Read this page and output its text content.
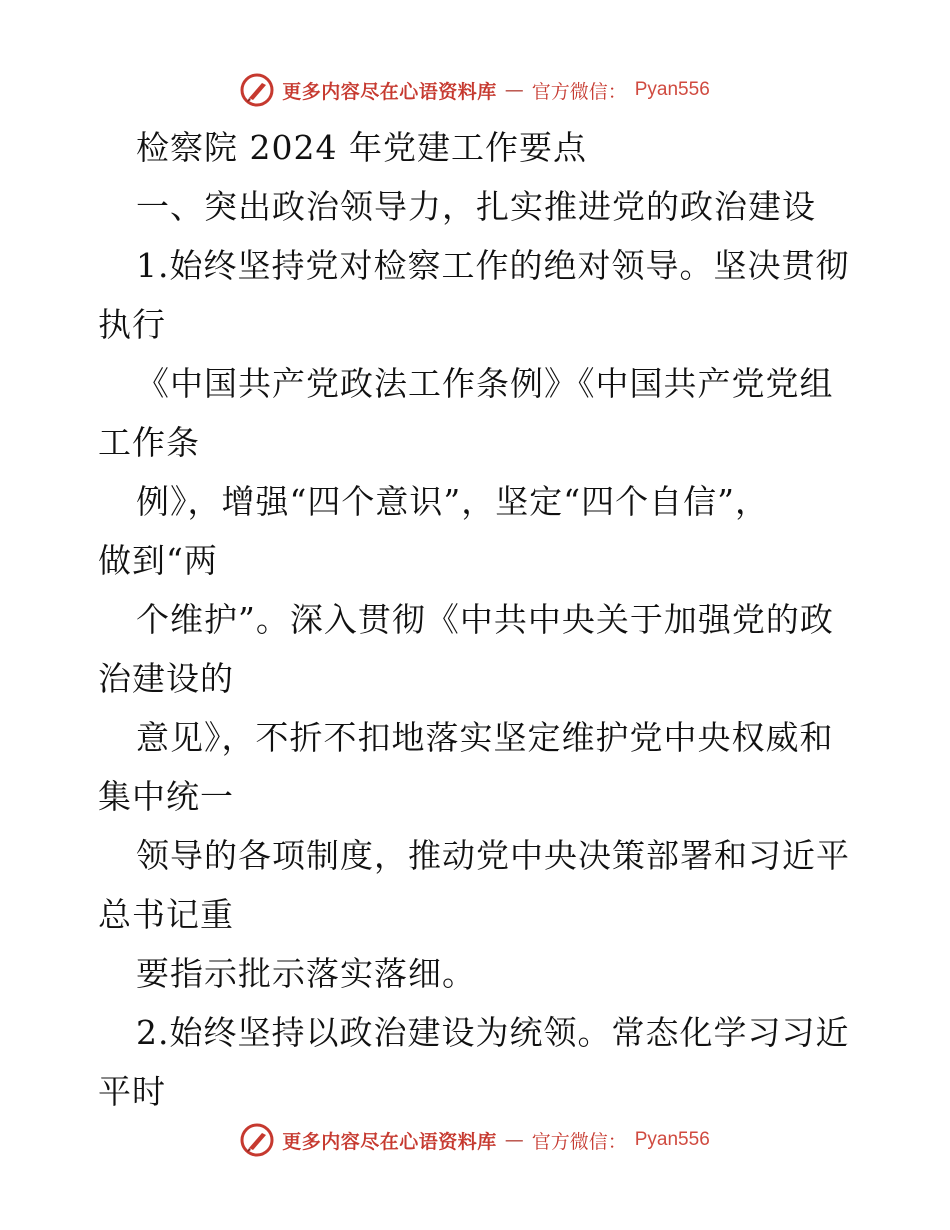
更多内容尽在心语资料库 — 官方微信： Pyan556
检察院 2024 年党建工作要点
一、突出政治领导力，扎实推进党的政治建设
1.始终坚持党对检察工作的绝对领导。坚决贯彻
执行
《中国共产党政法工作条例》《中国共产党党组
工作条
例》，增强“四个意识”，坚定“四个自信”，
做到“两
个维护”。深入贯彻《中共中央关于加强党的政
治建设的
意见》，不折不扣地落实坚定维护党中央权威和
集中统一
领导的各项制度，推动党中央决策部署和习近平
总书记重
要指示批示落实落细。
2.始终坚持以政治建设为统领。常态化学习习近
平时
更多内容尽在心语资料库 — 官方微信： Pyan556
